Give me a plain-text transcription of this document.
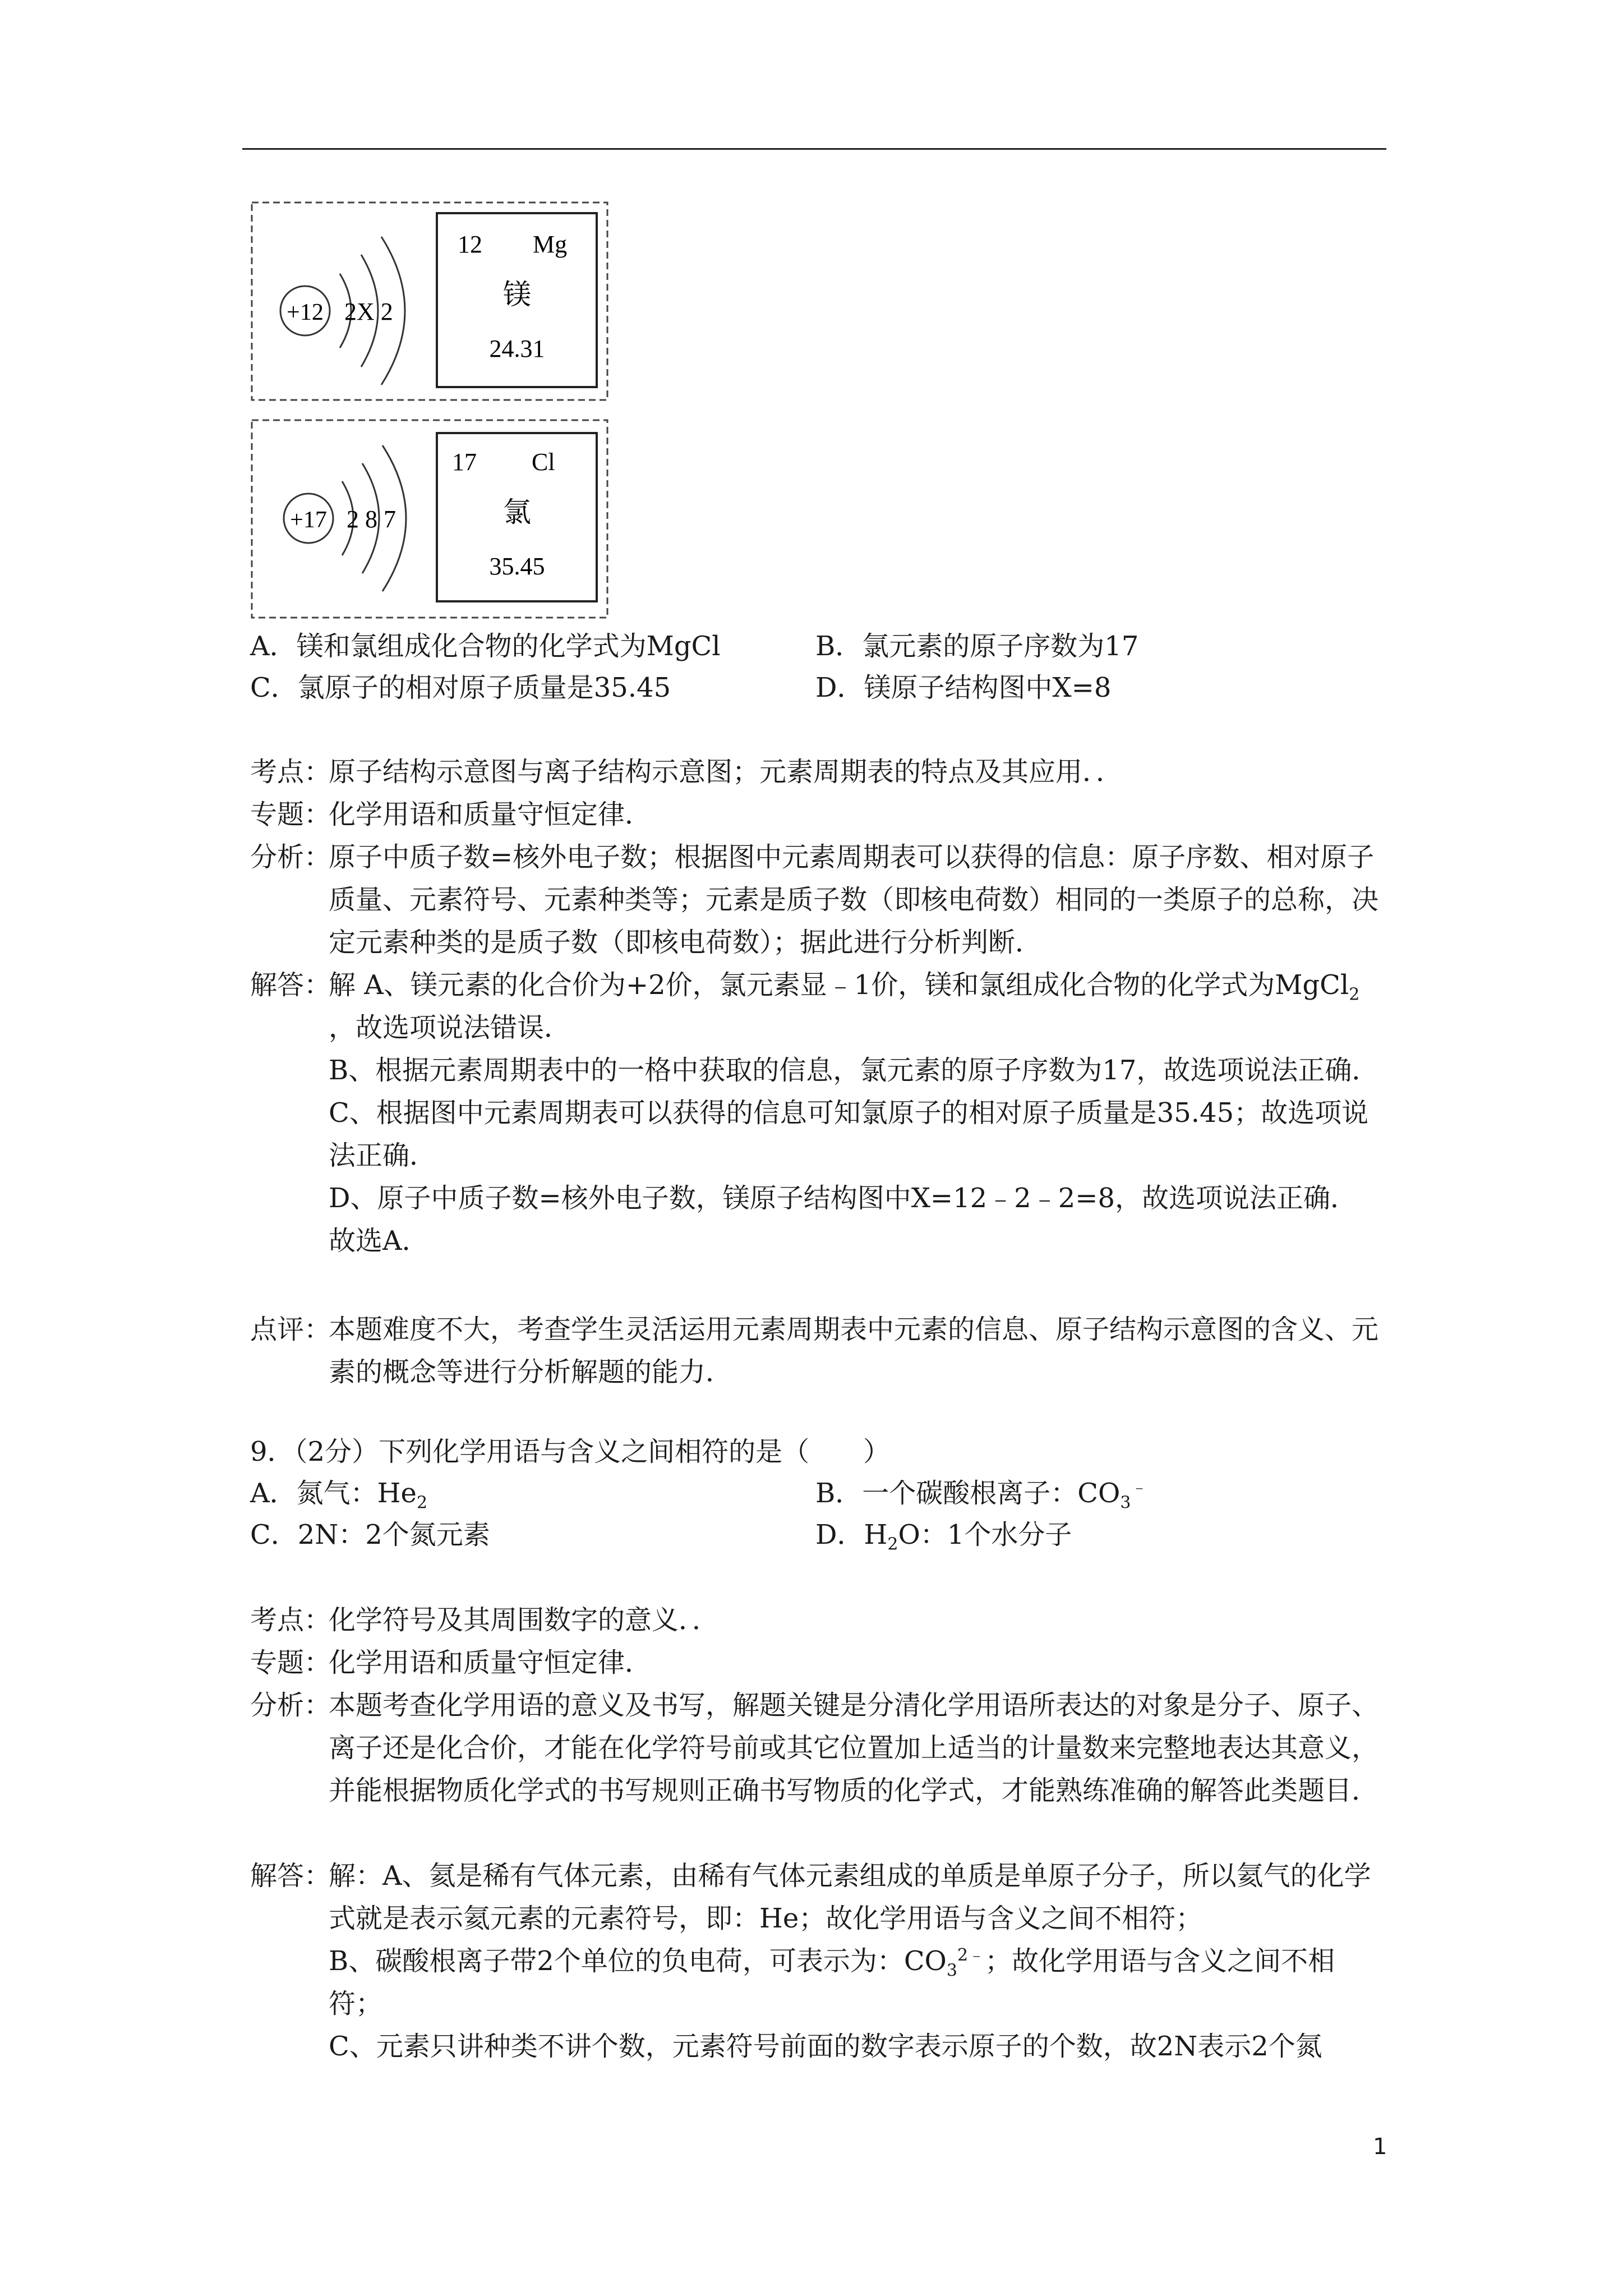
+12 2X 2
12 Mg
镁
24.31
+17 2 8 7
17 Cl
氯
35.45
A．镁和氯组成化合物的化学式为MgCl	B．氯元素的原子序数为17
C．氯原子的相对原子质量是35.45	D．镁原子结构图中X=8
考点：
原子结构示意图与离子结构示意图；元素周期表的特点及其应用．．
专题：
化学用语和质量守恒定律．
分析：
原子中质子数=核外电子数；根据图中元素周期表可以获得的信息：原子序数、相对原子质量、元素符号、元素种类等；元素是质子数（即核电荷数）相同的一类原子的总称，决定元素种类的是质子数（即核电荷数）；据此进行分析判断．
解答：
解 A、镁元素的化合价为+2价，氯元素显﹣1价，镁和氯组成化合物的化学式为MgCl$_2$
，故选项说法错误．
B、根据元素周期表中的一格中获取的信息，氯元素的原子序数为17，故选项说法正确．
C、根据图中元素周期表可以获得的信息可知氯原子的相对原子质量是35.45；故选项说法正确．
D、原子中质子数=核外电子数，镁原子结构图中X=12﹣2﹣2=8，故选项说法正确．
故选A．
点评：
本题难度不大，考查学生灵活运用元素周期表中元素的信息、原子结构示意图的含义、元素的概念等进行分析解题的能力．
9．（2分）下列化学用语与含义之间相符的是（　　）
A．氮气：$He_2$	B．一个碳酸根离子：$CO_3^﹣$
C．2N：2个氮元素	D．$H_2O$：1个水分子
考点：
化学符号及其周围数字的意义．．
专题：
化学用语和质量守恒定律．
分析：
本题考查化学用语的意义及书写，解题关键是分清化学用语所表达的对象是分子、原子、离子还是化合价，才能在化学符号前或其它位置加上适当的计量数来完整地表达其意义，并能根据物质化学式的书写规则正确书写物质的化学式，才能熟练准确的解答此类题目．
解答：
解：A、氦是稀有气体元素，由稀有气体元素组成的单质是单原子分子，所以氦气的化学式就是表示氦元素的元素符号，即：He；故化学用语与含义之间不相符；
B、碳酸根离子带2个单位的负电荷，可表示为：$CO_3^{2﹣}$；故化学用语与含义之间不相符；
C、元素只讲种类不讲个数，元素符号前面的数字表示原子的个数，故2N表示2个氮
1
